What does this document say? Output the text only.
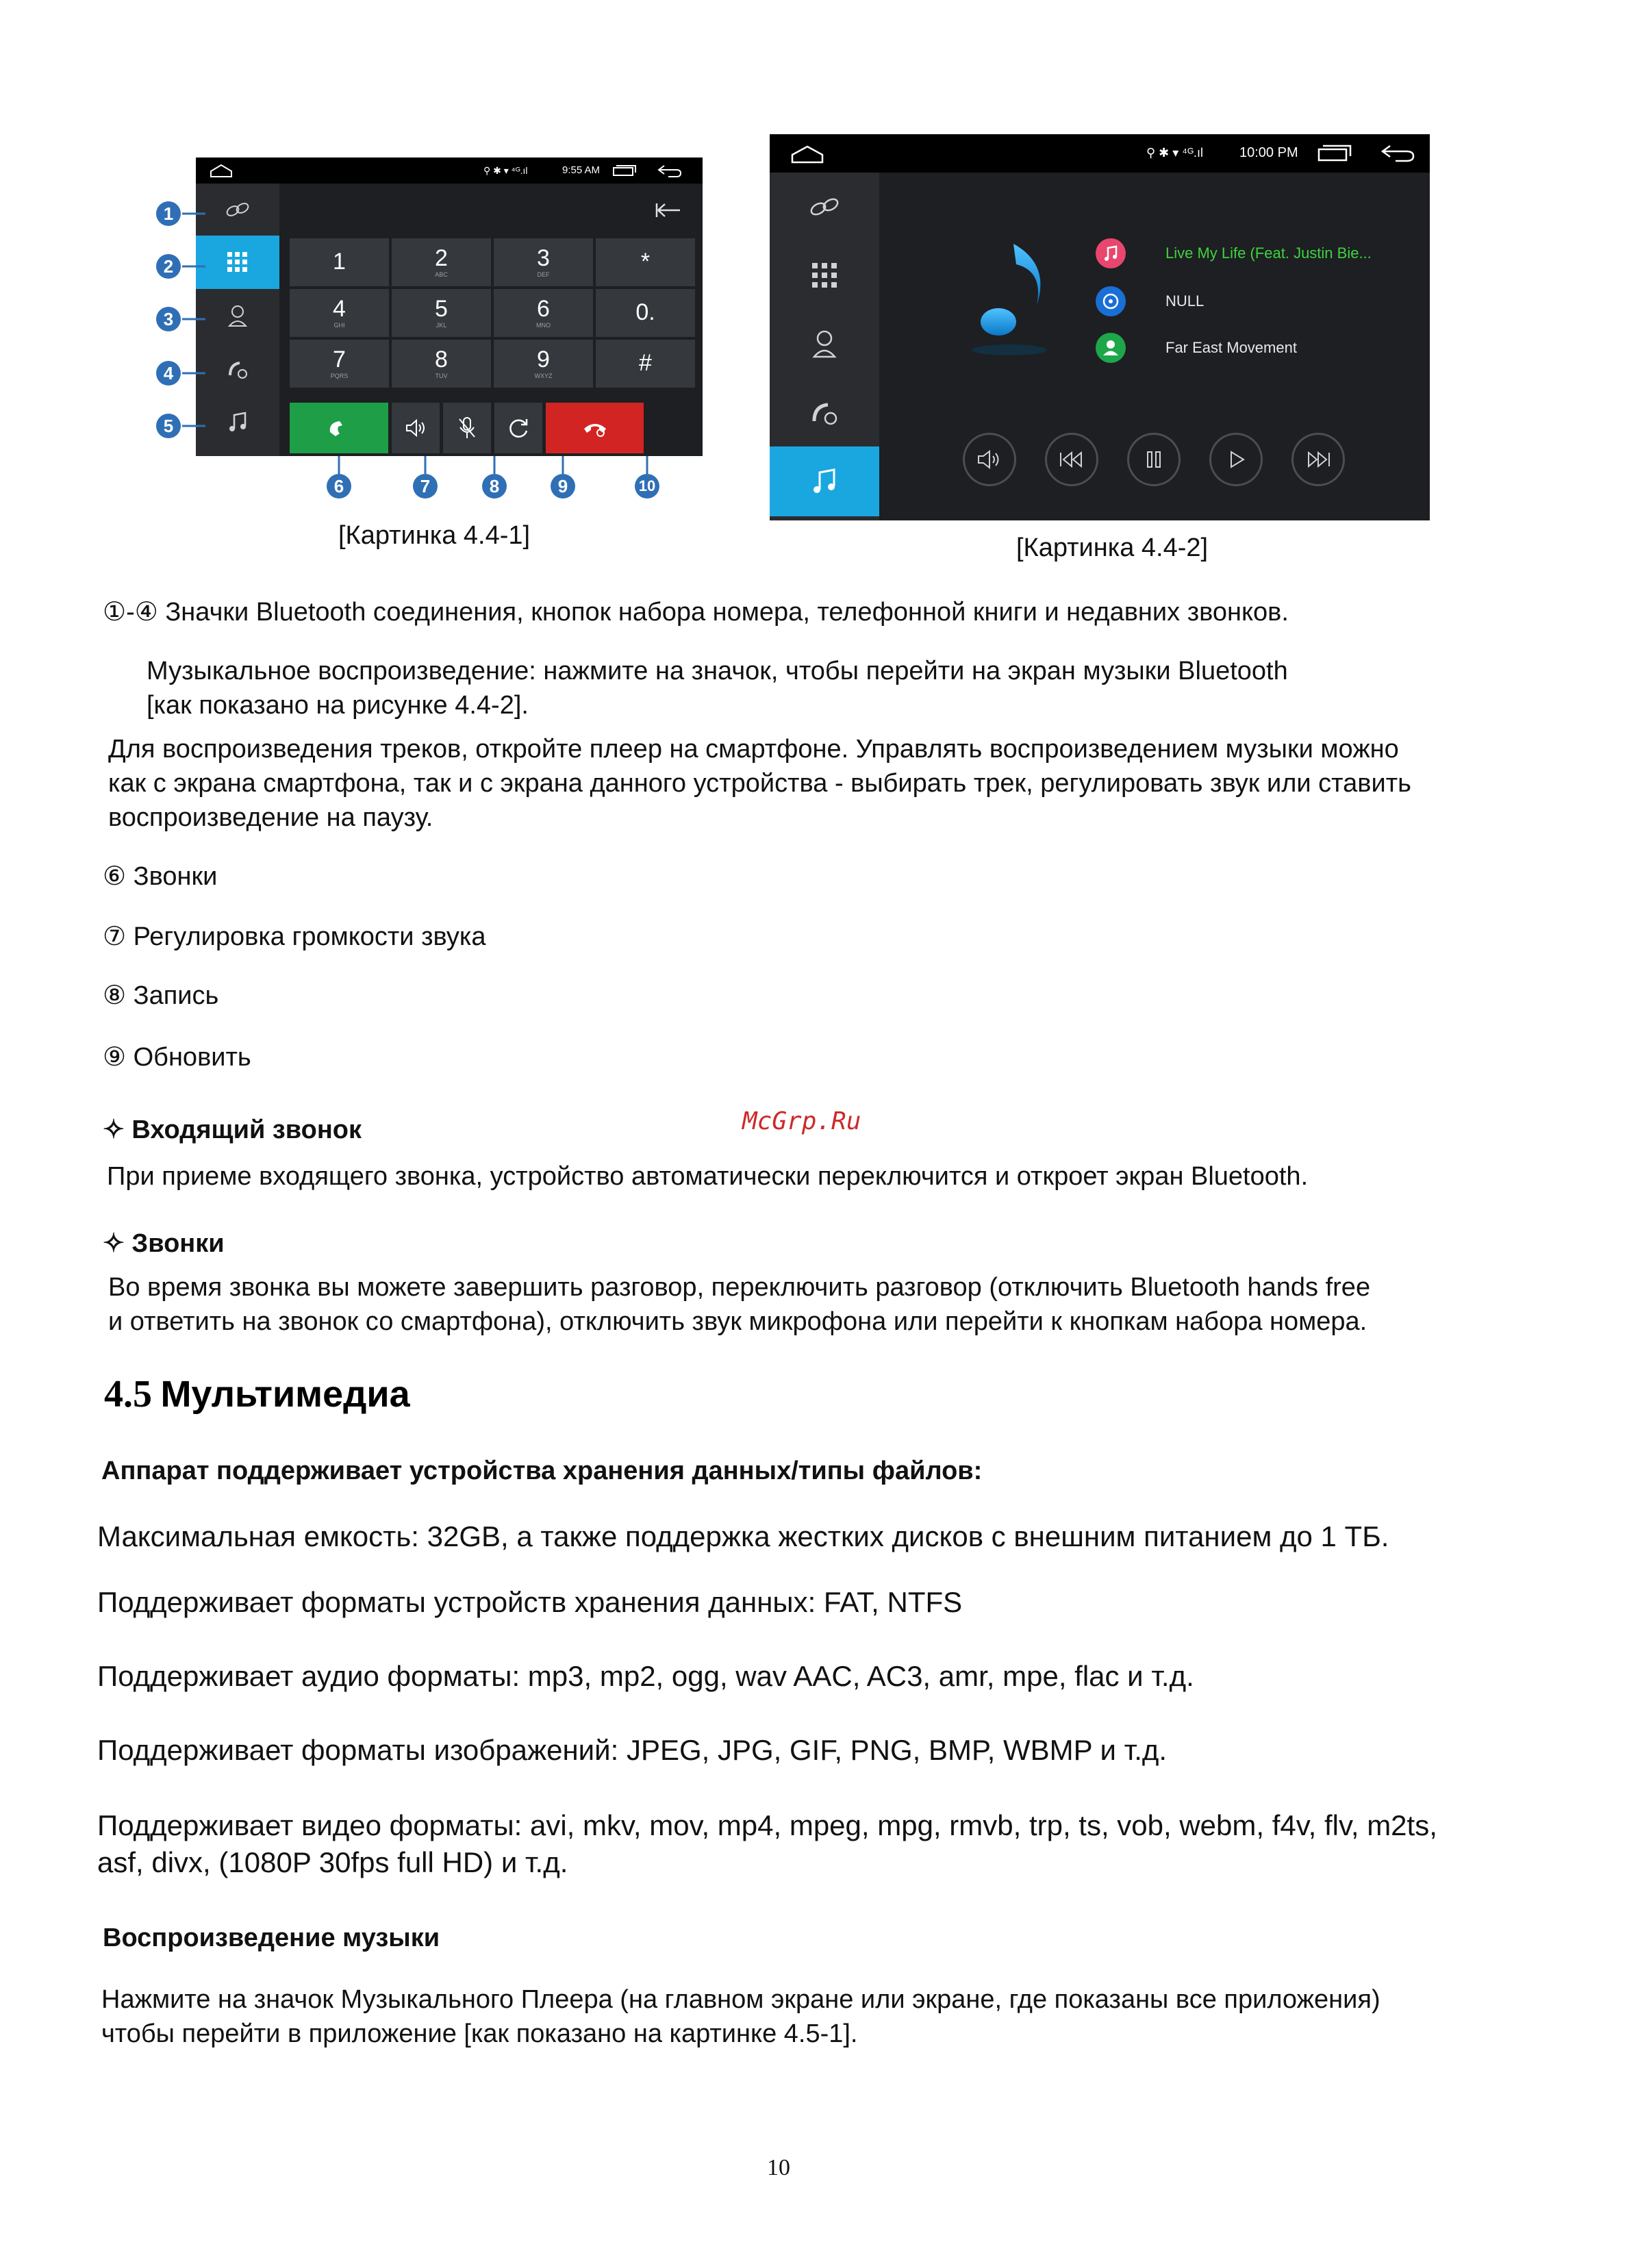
⚲ ✱ ▾ ⁴ᴳ.ıl	9:55 AM
1	2
ABC
3
DEF	*
4
GHI
5
JKL
6
MNO	0.
7
PQRS
8
TUV
9
WXYZ	#
1
2
3
4
5
6	7	8	9	10
[Картинка 4.4-1]
⚲ ✱ ▾ ⁴ᴳ.ıl	10:00 PM
Live My Life (Feat. Justin Bie...
NULL
Far East Movement
[Картинка 4.4-2]
①-④ Значки Bluetooth соединения, кнопок набора номера, телефонной книги и недавних звонков.
Музыкальное воспроизведение: нажмите на значок, чтобы перейти на экран музыки Bluetooth
[как показано на рисунке 4.4-2].
Для воспроизведения треков, откройте плеер на смартфоне. Управлять воспроизведением музыки можно
как с экрана смартфона, так и с экрана данного устройства - выбирать трек, регулировать звук или ставить
воспроизведение на паузу.
⑥ Звонки
⑦ Регулировка громкости звука
⑧ Запись
⑨ Обновить
✧ Входящий звонок	McGrp.Ru
При приеме входящего звонка, устройство автоматически переключится и откроет экран Bluetooth.
✧ Звонки
Во время звонка вы можете завершить разговор, переключить разговор (отключить Bluetooth hands free
и ответить на звонок со смартфона), отключить звук микрофона или перейти к кнопкам набора номера.
4.5 Мультимедиа
Аппарат поддерживает устройства хранения данных/типы файлов:
Максимальная емкость: 32GB, а также поддержка жестких дисков с внешним питанием до 1 ТБ.
Поддерживает форматы устройств хранения данных: FAT, NTFS
Поддерживает аудио форматы: mp3, mp2, ogg, wav AAC, AC3, amr, mpe, flac и т.д.
Поддерживает форматы изображений: JPEG, JPG, GIF, PNG, BMP, WBMP и т.д.
Поддерживает видео форматы: avi, mkv, mov, mp4, mpeg, mpg, rmvb, trp, ts, vob, webm, f4v, flv, m2ts,
asf, divx, (1080P 30fps full HD) и т.д.
Воспроизведение музыки
Нажмите на значок Музыкального Плеера (на главном экране или экране, где показаны все приложения)
чтобы перейти в приложение [как показано на картинке 4.5-1].
10
